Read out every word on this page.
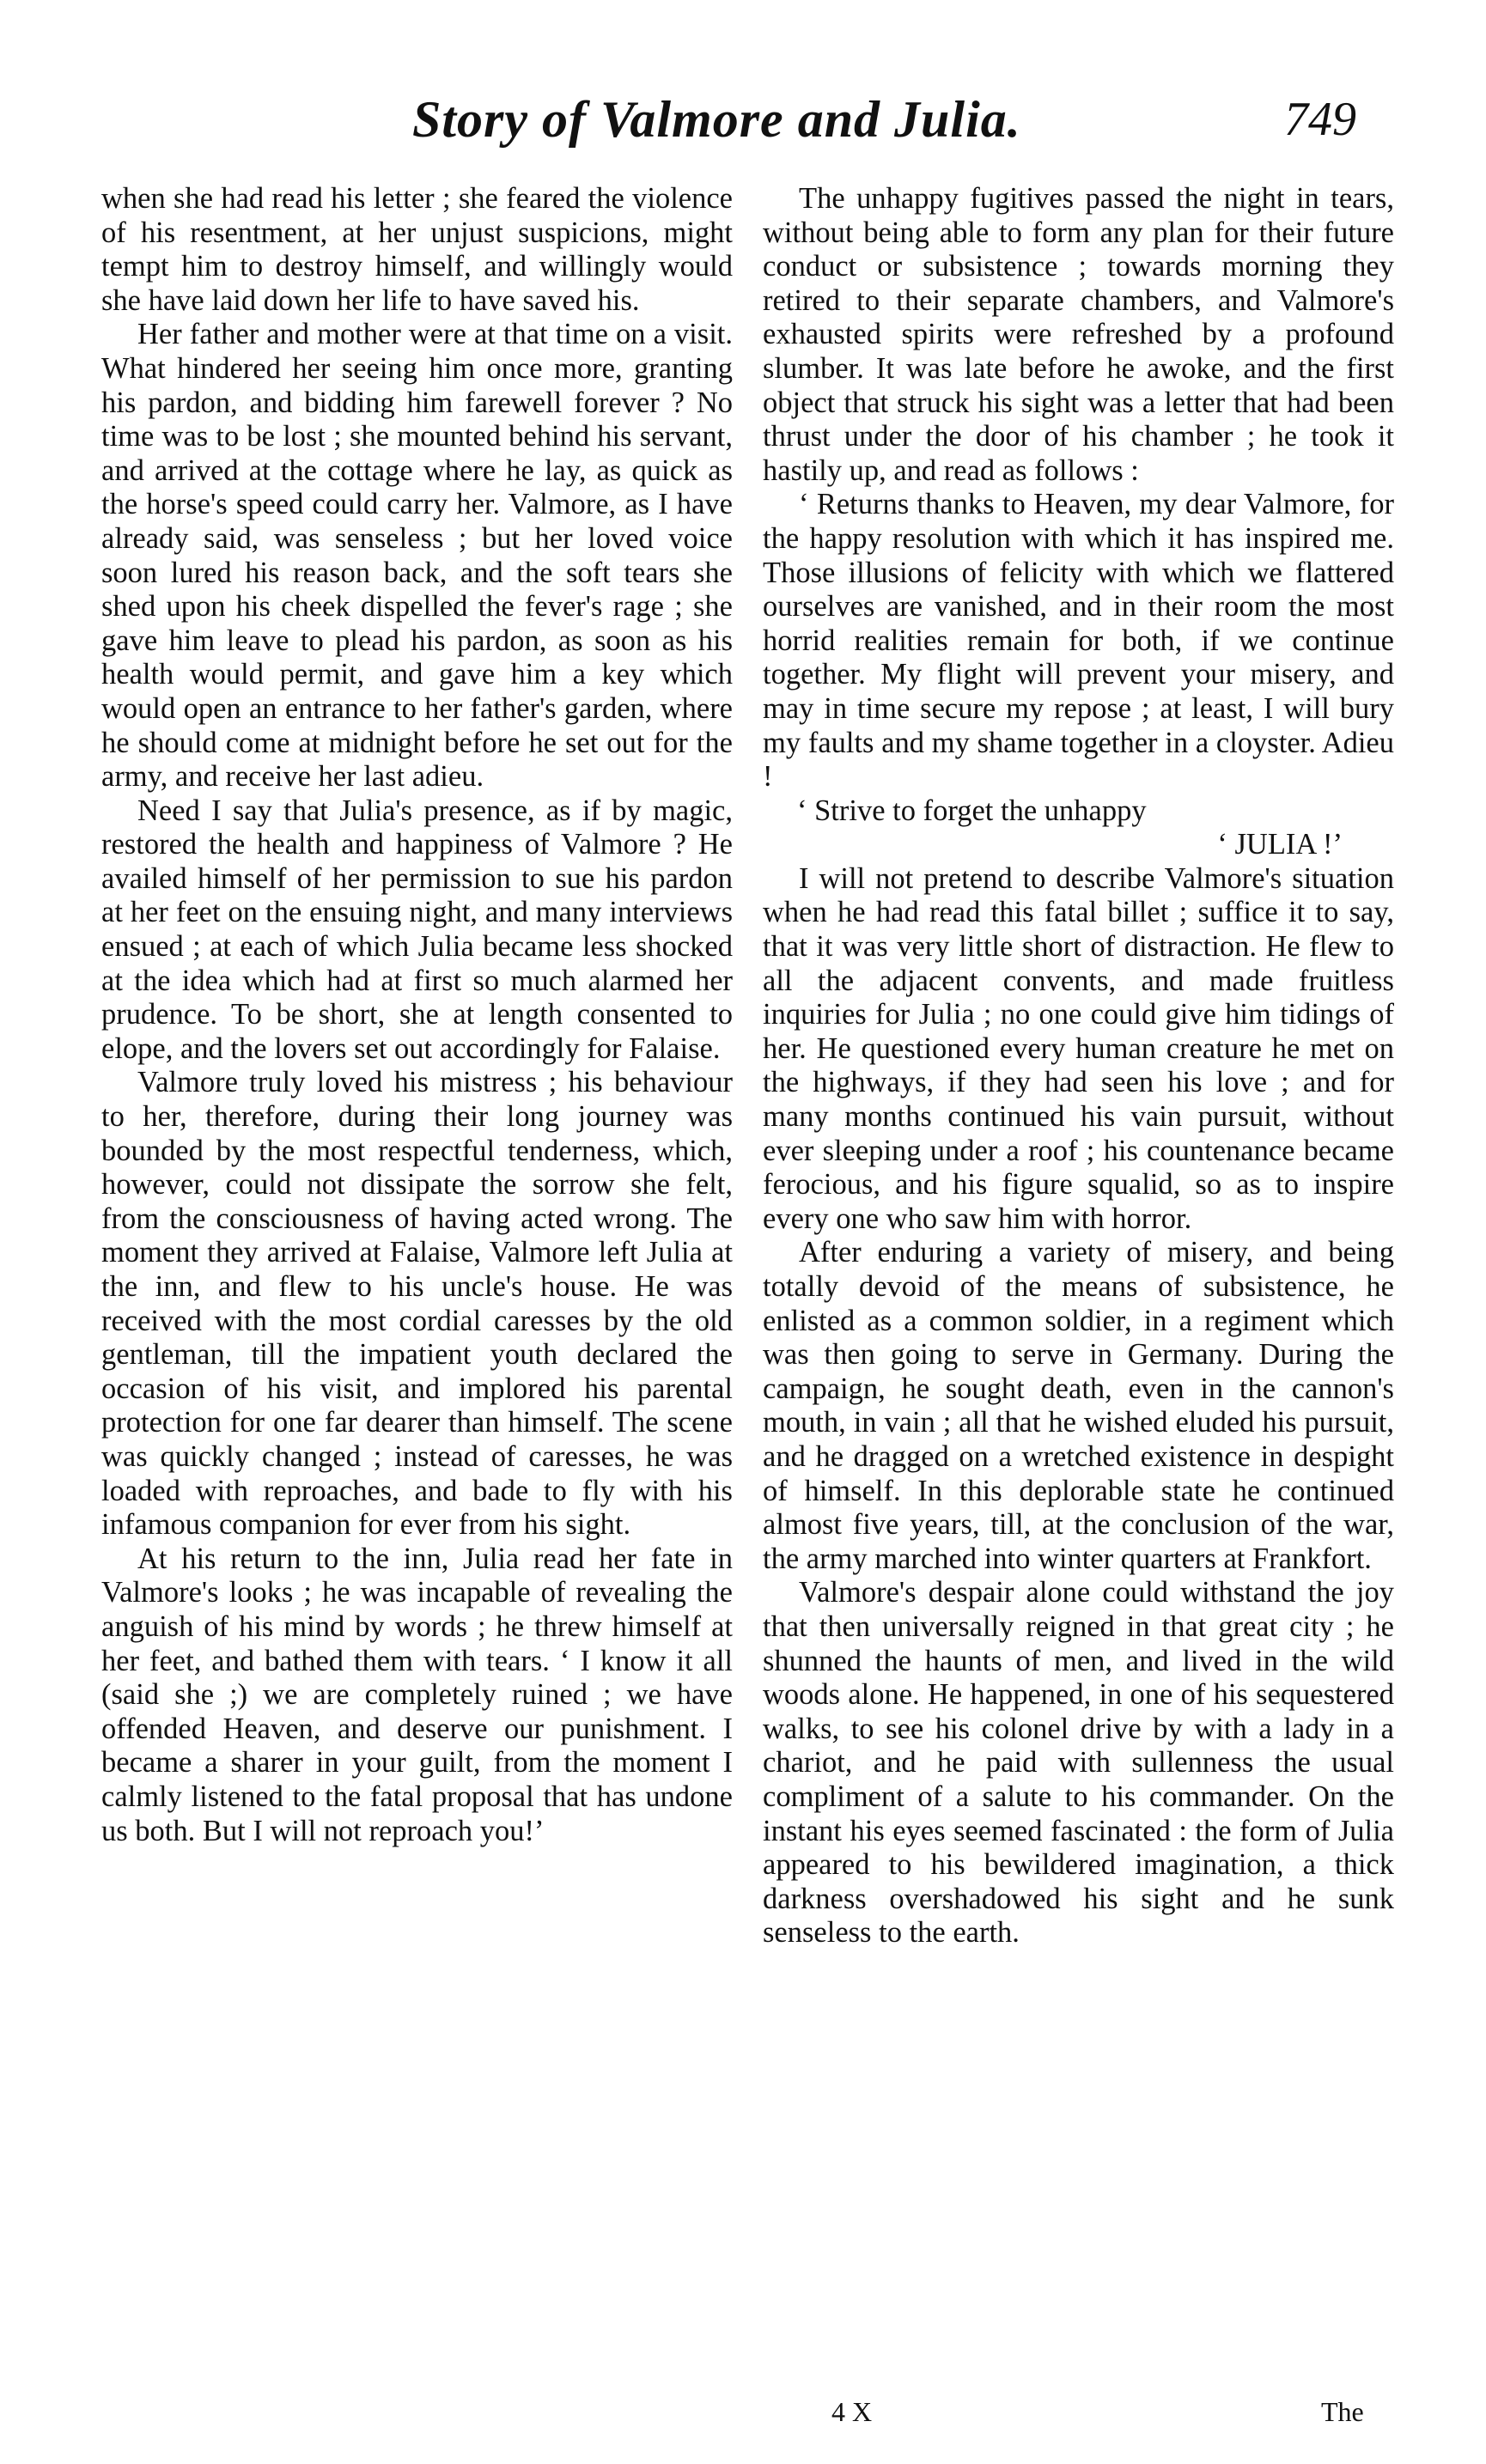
Story of Valmore and Julia.	749

when she had read his letter ; she feared the violence of his resentment, at her unjust suspicions, might tempt him to destroy himself, and willingly would she have laid down her life to have saved his.

Her father and mother were at that time on a visit. What hindered her seeing him once more, granting his pardon, and bidding him farewell forever ? No time was to be lost ; she mounted behind his servant, and arrived at the cottage where he lay, as quick as the horse's speed could carry her. Valmore, as I have already said, was senseless ; but her loved voice soon lured his reason back, and the soft tears she shed upon his cheek dispelled the fever's rage ; she gave him leave to plead his pardon, as soon as his health would permit, and gave him a key which would open an entrance to her father's garden, where he should come at midnight before he set out for the army, and receive her last adieu.

Need I say that Julia's presence, as if by magic, restored the health and happiness of Valmore ? He availed himself of her permission to sue his pardon at her feet on the ensuing night, and many interviews ensued ; at each of which Julia became less shocked at the idea which had at first so much alarmed her prudence. To be short, she at length consented to elope, and the lovers set out accordingly for Falaise.

Valmore truly loved his mistress ; his behaviour to her, therefore, during their long journey was bounded by the most respectful tenderness, which, however, could not dissipate the sorrow she felt, from the consciousness of having acted wrong. The moment they arrived at Falaise, Valmore left Julia at the inn, and flew to his uncle's house. He was received with the most cordial caresses by the old gentleman, till the impatient youth declared the occasion of his visit, and implored his parental protection for one far dearer than himself. The scene was quickly changed ; instead of caresses, he was loaded with reproaches, and bade to fly with his infamous companion for ever from his sight.

At his return to the inn, Julia read her fate in Valmore's looks ; he was incapable of revealing the anguish of his mind by words ; he threw himself at her feet, and bathed them with tears. ‘ I know it all (said she ;) we are completely ruined ; we have offended Heaven, and deserve our punishment. I became a sharer in your guilt, from the moment I calmly listened to the fatal proposal that has undone us both. But I will not reproach you!’

The unhappy fugitives passed the night in tears, without being able to form any plan for their future conduct or subsistence ; towards morning they retired to their separate chambers, and Valmore's exhausted spirits were refreshed by a profound slumber. It was late before he awoke, and the first object that struck his sight was a letter that had been thrust under the door of his chamber ; he took it hastily up, and read as follows :

‘ Returns thanks to Heaven, my dear Valmore, for the happy resolution with which it has inspired me. Those illusions of felicity with which we flattered ourselves are vanished, and in their room the most horrid realities remain for both, if we continue together. My flight will prevent your misery, and may in time secure my repose ; at least, I will bury my faults and my shame together in a cloyster. Adieu !

‘ Strive to forget the unhappy

‘ JULIA !’

I will not pretend to describe Valmore's situation when he had read this fatal billet ; suffice it to say, that it was very little short of distraction. He flew to all the adjacent convents, and made fruitless inquiries for Julia ; no one could give him tidings of her. He questioned every human creature he met on the highways, if they had seen his love ; and for many months continued his vain pursuit, without ever sleeping under a roof ; his countenance became ferocious, and his figure squalid, so as to inspire every one who saw him with horror.

After enduring a variety of misery, and being totally devoid of the means of subsistence, he enlisted as a common soldier, in a regiment which was then going to serve in Germany. During the campaign, he sought death, even in the cannon's mouth, in vain ; all that he wished eluded his pursuit, and he dragged on a wretched existence in despight of himself. In this deplorable state he continued almost five years, till, at the conclusion of the war, the army marched into winter quarters at Frankfort.

Valmore's despair alone could withstand the joy that then universally reigned in that great city ; he shunned the haunts of men, and lived in the wild woods alone. He happened, in one of his sequestered walks, to see his colonel drive by with a lady in a chariot, and he paid with sullenness the usual compliment of a salute to his commander. On the instant his eyes seemed fascinated : the form of Julia appeared to his bewildered imagination, a thick darkness overshadowed his sight and he sunk senseless to the earth.

4 X	The
